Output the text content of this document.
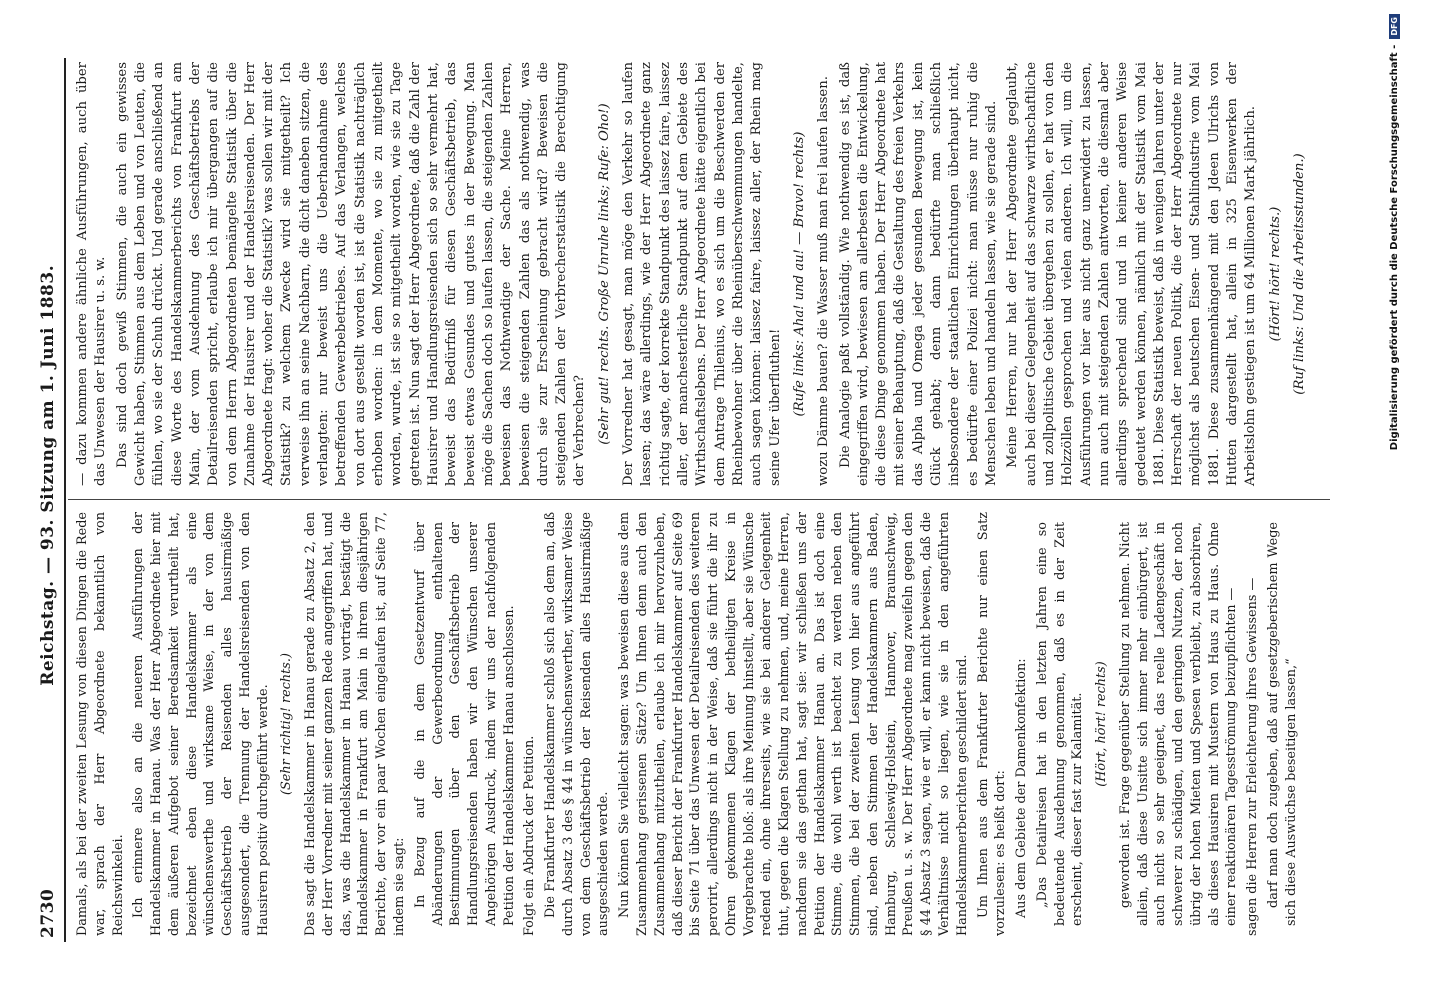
2730
Reichstag. — 93. Sitzung am 1. Juni 1883.

Damals, als bei der zweiten Lesung von diesen Dingen die Rede war, sprach der Herr Abgeordnete bekanntlich von Reichswinkelei. Ich erinnere also an die neueren Ausführungen der Handelskammer in Hanau. Was der Herr Abgeordnete hier mit dem äußeren Aufgebot seiner Beredsamkeit verurtheilt hat, bezeichnet eben diese Handelskammer als eine wünschenswerthe und wirksame Weise, in der von dem Geschäftsbetrieb der Reisenden alles hausirmäßige ausgesondert, die Trennung der Handelsreisenden von den Hausirern positiv durchgeführt werde. (Sehr richtig! rechts.) Das sagt die Handelskammer in Hanau gerade zu Absatz 2, den der Herr Vorredner mit seiner ganzen Rede angegriffen hat, und das, was die Handelskammer in Hanau vorträgt, bestätigt die Handelskammer in Frankfurt am Main in ihrem diesjährigen Berichte, der vor ein paar Wochen eingelaufen ist, auf Seite 77, indem sie sagt: In Bezug auf die in dem Gesetzentwurf über Abänderungen der Gewerbeordnung enthaltenen Bestimmungen über den Geschäftsbetrieb der Handlungsreisenden haben wir den Wünschen unserer Angehörigen Ausdruck, indem wir uns der nachfolgenden Petition der Handelskammer Hanau anschlossen. Folgt ein Abdruck der Petition. Die Frankfurter Handelskammer schloß sich also dem an, daß durch Absatz 3 des § 44 in wünschenswerther, wirksamer Weise von dem Geschäftsbetrieb der Reisenden alles Hausirmäßige ausgeschieden werde. Nun können Sie vielleicht sagen: was beweisen diese aus dem Zusammenhang gerissenen Sätze? Um Ihnen denn auch den Zusammenhang mitzutheilen, erlaube ich mir hervorzuheben, daß dieser Bericht der Frankfurter Handelskammer auf Seite 69 bis Seite 71 über das Unwesen der Detailreisenden des weiteren perorirt, allerdings nicht in der Weise, daß sie führt die ihr zu Ohren gekommenen Klagen der betheiligten Kreise in Vorgebrachte bloß: als ihre Meinung hinstellt, aber sie Wünsche redend ein, ohne ihrerseits, wie sie bei anderer Gelegenheit thut, gegen die Klagen Stellung zu nehmen, und, meine Herren, nachdem sie das gethan hat, sagt sie: wir schließen uns der Petition der Handelskammer Hanau an. Das ist doch eine Stimme, die wohl werth ist beachtet zu werden neben den Stimmen, die bei der zweiten Lesung von hier aus angeführt sind, neben den Stimmen der Handelskammern aus Baden, Hamburg, Schleswig-Holstein, Hannover, Braunschweig, Preußen u. s. w. Der Herr Abgeordnete mag zweifeln gegen den § 44 Absatz 3 sagen, wie er will, er kann nicht beweisen, daß die Verhältnisse nicht so liegen, wie sie in den angeführten Handelskammerberichten geschildert sind. Um Ihnen aus dem Frankfurter Berichte nur einen Satz vorzulesen: es heißt dort: Aus dem Gebiete der Damenkonfektion: „Das Detailreisen hat in den letzten Jahren eine so bedeutende Ausdehnung genommen, daß es in der Zeit erscheint, dieser fast zur Kalamität. (Hört, hört! rechts) geworden ist. Frage gegenüber Stellung zu nehmen. Nicht allein, daß diese Unsitte sich immer mehr einbürgert, ist auch nicht so sehr geeignet, das reelle Ladengeschäft in schwerer zu schädigen, und den geringen Nutzen, der noch übrig der hohen Mieten und Spesen verbleibt, zu absorbiren, als dieses Hausiren mit Mustern von Haus zu Haus. Ohne einer reaktionären Tagesströmung beizupflichten — sagen die Herren zur Erleichterung ihres Gewissens — darf man doch zugeben, daß auf gesetzgeberischem Wege sich diese Auswüchse beseitigen lassen,“

— dazu kommen andere ähnliche Ausführungen, auch über das Unwesen der Hausirer u. s. w. Das sind doch gewiß Stimmen, die auch ein gewisses Gewicht haben, Stimmen aus dem Leben und von Leuten, die fühlen, wo sie der Schuh drückt. Und gerade anschließend an diese Worte des Handelskammerberichts von Frankfurt am Main, der vom Ausdehnung des Geschäftsbetriebs der Detailreisenden spricht, erlaube ich mir übergangen auf die von dem Herrn Abgeordneten bemängelte Statistik über die Zunahme der Hausirer und der Handelsreisenden. Der Herr Abgeordnete fragt: woher die Statistik? was sollen wir mit der Statistik? zu welchem Zwecke wird sie mitgetheilt? Ich verweise ihn an seine Nachbarn, die dicht daneben sitzen, die verlangten: nur beweist uns die Ueberhandnahme des betreffenden Gewerbebetriebes. Auf das Verlangen, welches von dort aus gestellt worden ist, ist die Statistik nachträglich erhoben worden: in dem Momente, wo sie zu mitgetheilt worden, wurde, ist sie so mitgetheilt worden, wie sie zu Tage getreten ist. Nun sagt der Herr Abgeordnete, daß die Zahl der Hausirer und Handlungsreisenden sich so sehr vermehrt hat, beweist das Bedürfniß für diesen Geschäftsbetrieb, das beweist etwas Gesundes und gutes in der Bewegung. Man möge die Sachen doch so laufen lassen, die steigenden Zahlen beweisen das Nothwendige der Sache. Meine Herren, beweisen die steigenden Zahlen das als nothwendig, was durch sie zur Erscheinung gebracht wird? Beweisen die steigenden Zahlen der Verbrecherstatistik die Berechtigung der Verbrechen? (Sehr gut! rechts. Große Unruhe links; Rufe: Oho!) Der Vorredner hat gesagt, man möge den Verkehr so laufen lassen; das wäre allerdings, wie der Herr Abgeordnete ganz richtig sagte, der korrekte Standpunkt des laissez faire, laissez aller, der manchesterliche Standpunkt auf dem Gebiete des Wirthschaftslebens. Der Herr Abgeordnete hätte eigentlich bei dem Antrage Thilenius, wo es sich um die Beschwerden der Rheinbewohner über die Rheinüberschwemmungen handelte, auch sagen können: laissez faire, laissez aller, der Rhein mag seine Ufer überfluthen! (Rufe links: Aha! und au! — Bravo! rechts) wozu Dämme bauen? die Wasser muß man frei laufen lassen. Die Analogie paßt vollständig. Wie nothwendig es ist, daß eingegriffen wird, bewiesen am allerbesten die Entwickelung, die diese Dinge genommen haben. Der Herr Abgeordnete hat mit seiner Behauptung, daß die Gestaltung des freien Verkehrs das Alpha und Omega jeder gesunden Bewegung ist, kein Glück gehabt; denn dann bedürfte man schließlich insbesondere der staatlichen Einrichtungen überhaupt nicht, es bedürfte einer Polizei nicht: man müsse nur ruhig die Menschen leben und handeln lassen, wie sie gerade sind. Meine Herren, nur hat der Herr Abgeordnete geglaubt, auch bei dieser Gelegenheit auf das schwarze wirthschaftliche und zollpolitische Gebiet übergehen zu sollen, er hat von den Holzzöllen gesprochen und vielen anderen. Ich will, um die Ausführungen vor hier aus nicht ganz unerwidert zu lassen, nun auch mit steigenden Zahlen antworten, die diesmal aber allerdings sprechend sind und in keiner anderen Weise gedeutet werden können, nämlich mit der Statistik vom Mai 1881. Diese Statistik beweist, daß in wenigen Jahren unter der Herrschaft der neuen Politik, die der Herr Abgeordnete nur möglichst als beutschen Eisen- und Stahlindustrie vom Mai 1881. Diese zusammenhängend mit den Jdeen Ulrichs von Hutten dargestellt hat, allein in 325 Eisenwerken der Arbeitslohn gestiegen ist um 64 Millionen Mark jährlich. (Hört! hört! rechts.) (Ruf links: Und die Arbeitsstunden.)	Digitalisierung gefördert durch die Deutsche Forschungsgemeinschaft -
DFG
